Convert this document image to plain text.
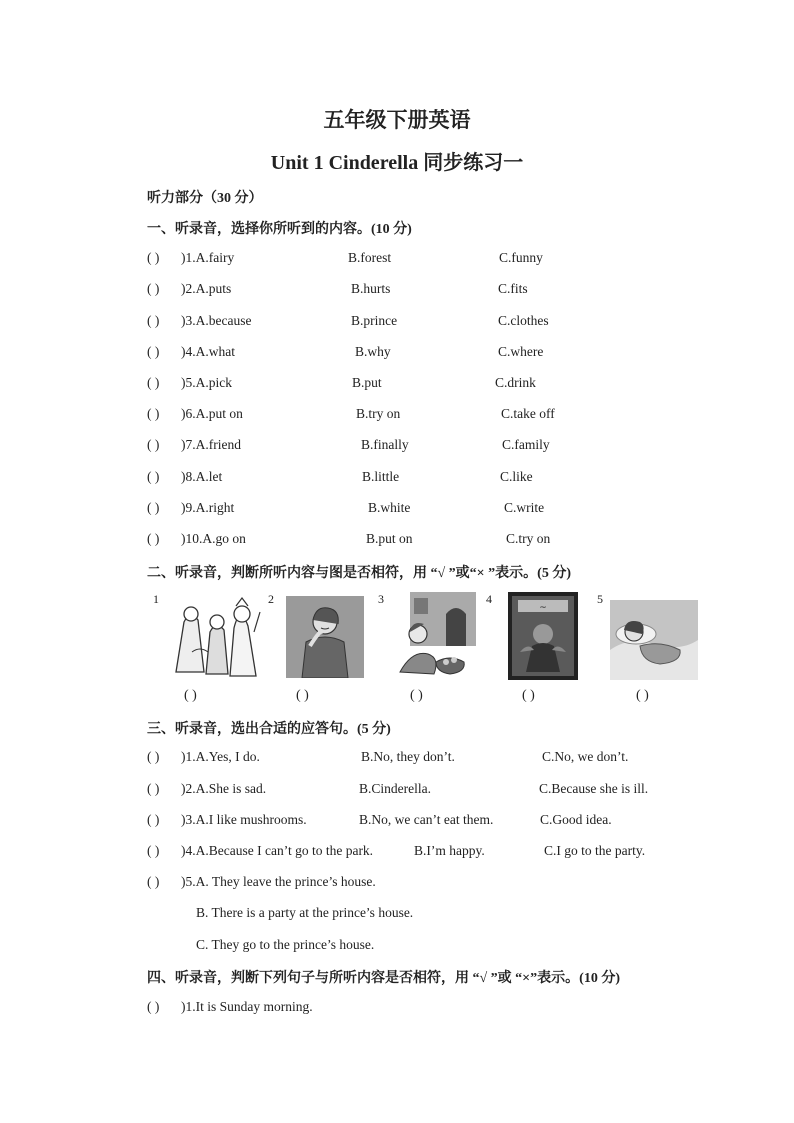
五年级下册英语
Unit 1 Cinderella 同步练习一
听力部分（30 分）
一、听录音，选择你所听到的内容。(10 分)
( ) )1.A.fairy	B.forest	C.funny
( ) )2.A.puts	B.hurts	C.fits
( ) )3.A.because	B.prince	C.clothes
( ) )4.A.what	B.why	C.where
( ) )5.A.pick	B.put	C.drink
( ) )6.A.put on	B.try on	C.take off
( ) )7.A.friend	B.finally	C.family
( ) )8.A.let	B.little	C.like
( ) )9.A.right	B.white	C.write
( ) )10.A.go on	B.put on	C.try on
二、听录音，判断所听内容与图是否相符，用 “√ ”或“× ”表示。(5 分)
1
( )
2
( )
3
( )
4
~
( )
5
( )
三、听录音，选出合适的应答句。(5 分)
( ) )1.A.Yes, I do.	B.No, they don’t.	C.No, we don’t.
( ) )2.A.She is sad.	B.Cinderella.	C.Because she is ill.
( ) )3.A.I like mushrooms.	B.No, we can’t eat them.	C.Good idea.
( ) )4.A.Because I can’t go to the park.	B.I’m happy.	C.I go to the party.
( ) )5.A. They leave the prince’s house.
B. There is a party at the prince’s house.
C. They go to the prince’s house.
四、听录音，判断下列句子与所听内容是否相符，用 “√ ”或 “×”表示。(10 分)
( ) )1.It is Sunday morning.
